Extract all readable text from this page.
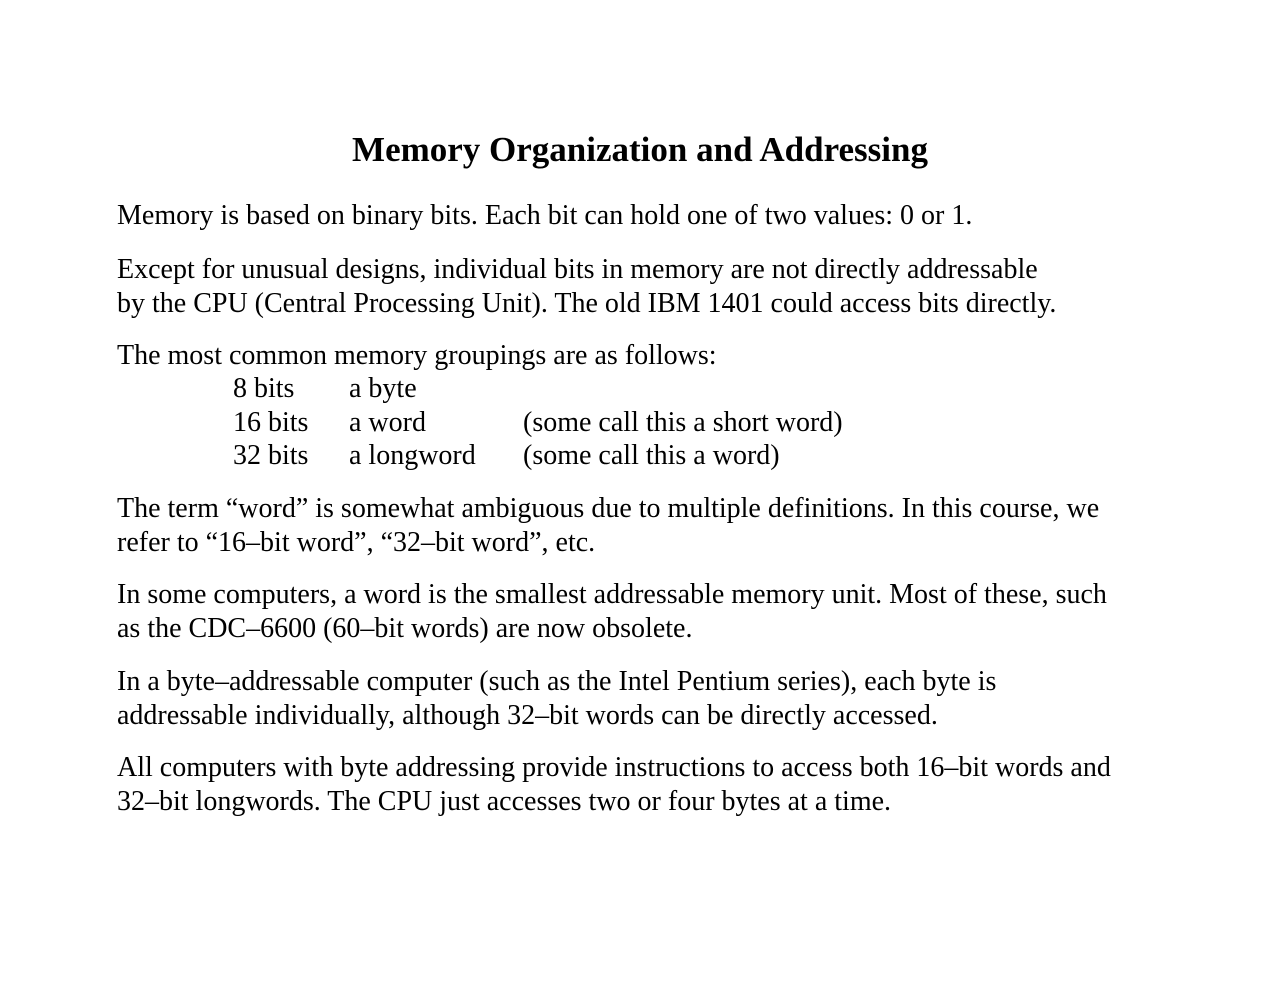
Memory Organization and Addressing
Memory is based on binary bits. Each bit can hold one of two values: 0 or 1.
Except for unusual designs, individual bits in memory are not directly addressable
by the CPU (Central Processing Unit). The old IBM 1401 could access bits directly.
The most common memory groupings are as follows:
8 bits a byte
16 bits a word	(some call this a short word)
32 bits a longword (some call this a word)
The term “word” is somewhat ambiguous due to multiple definitions. In this course, we
refer to “16–bit word”, “32–bit word”, etc.
In some computers, a word is the smallest addressable memory unit. Most of these, such
as the CDC–6600 (60–bit words) are now obsolete.
In a byte–addressable computer (such as the Intel Pentium series), each byte is
addressable individually, although 32–bit words can be directly accessed.
All computers with byte addressing provide instructions to access both 16–bit words and
32–bit longwords. The CPU just accesses two or four bytes at a time.
